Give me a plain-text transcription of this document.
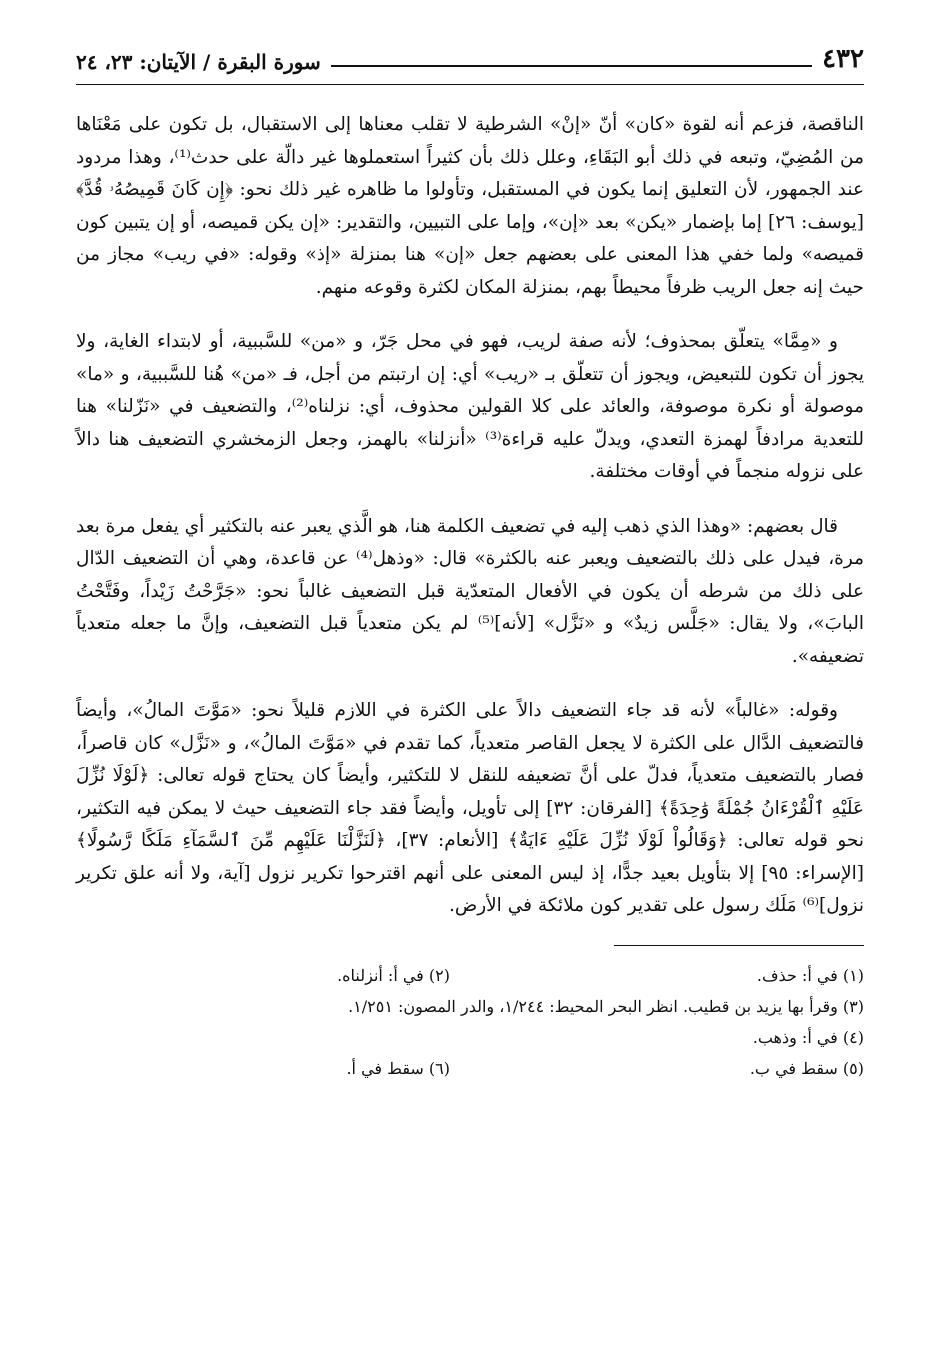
٤٣٢
سورة البقرة / الآيتان: ٢٣، ٢٤

الناقصة، فزعم أنه لقوة «كان» أنّ «إنْ» الشرطية لا تقلب معناها إلى الاستقبال، بل تكون على مَعْنَاها من المُضِيّ، وتبعه في ذلك أبو البَقَاءِ، وعلل ذلك بأن كثيراً استعملوها غير دالّة على حدث⁽¹⁾، وهذا مردود عند الجمهور، لأن التعليق إنما يكون في المستقبل، وتأولوا ما ظاهره غير ذلك نحو: ﴿إِن كَانَ قَمِيصُهُۥ قُدَّ﴾ [يوسف: ٢٦] إما بإضمار «يكن» بعد «إن»، وإما على التبيين، والتقدير: «إن يكن قميصه، أو إن يتبين كون قميصه» ولما خفي هذا المعنى على بعضهم جعل «إن» هنا بمنزلة «إذ» وقوله: «في ريب» مجاز من حيث إنه جعل الريب ظرفاً محيطاً بهم، بمنزلة المكان لكثرة وقوعه منهم.

و «مِمَّا» يتعلّق بمحذوف؛ لأنه صفة لريب، فهو في محل جَرّ، و «من» للسَّببية، أو لابتداء الغاية، ولا يجوز أن تكون للتبعيض، ويجوز أن تتعلّق بـ «ريب» أي: إن ارتبتم من أجل، فـ «من» هُنا للسَّببية، و «ما» موصولة أو نكرة موصوفة، والعائد على كلا القولين محذوف، أي: نزلناه⁽²⁾، والتضعيف في «نَزّلنا» هنا للتعدية مرادفاً لهمزة التعدي، ويدلّ عليه قراءة⁽³⁾ «أنزلنا» بالهمز، وجعل الزمخشري التضعيف هنا دالاً على نزوله منجماً في أوقات مختلفة.

قال بعضهم: «وهذا الذي ذهب إليه في تضعيف الكلمة هنا، هو الَّذي يعبر عنه بالتكثير أي يفعل مرة بعد مرة، فيدل على ذلك بالتضعيف ويعبر عنه بالكثرة» قال: «وذهل⁽⁴⁾ عن قاعدة، وهي أن التضعيف الدّال على ذلك من شرطه أن يكون في الأفعال المتعدّية قبل التضعيف غالباً نحو: «جَرَّحْتُ زَيْداً، وفَتَّحْتُ البابَ»، ولا يقال: «جَلَّس زيدٌ» و «نَزَّل» [لأنه]⁽⁵⁾ لم يكن متعدياً قبل التضعيف، وإنَّ ما جعله متعدياً تضعيفه».

وقوله: «غالباً» لأنه قد جاء التضعيف دالاً على الكثرة في اللازم قليلاً نحو: «مَوَّتَ المالُ»، وأيضاً فالتضعيف الدَّال على الكثرة لا يجعل القاصر متعدياً، كما تقدم في «مَوَّتَ المالُ»، و «نَزَّل» كان قاصراً، فصار بالتضعيف متعدياً، فدلّ على أنَّ تضعيفه للنقل لا للتكثير، وأيضاً كان يحتاج قوله تعالى: ﴿لَوْلَا نُزِّلَ عَلَيْهِ ٱلْقُرْءَانُ جُمْلَةً وَٰحِدَةً﴾ [الفرقان: ٣٢] إلى تأويل، وأيضاً فقد جاء التضعيف حيث لا يمكن فيه التكثير، نحو قوله تعالى: ﴿وَقَالُواْ لَوْلَا نُزِّلَ عَلَيْهِ ءَايَةٌ﴾ [الأنعام: ٣٧]، ﴿لَنَزَّلْنَا عَلَيْهِم مِّنَ ٱلسَّمَآءِ مَلَكًا رَّسُولًا﴾ [الإسراء: ٩٥] إلا بتأويل بعيد جدًّا، إذ ليس المعنى على أنهم اقترحوا تكرير نزول [آية، ولا أنه علق تكرير نزول]⁽⁶⁾ مَلَك رسول على تقدير كون ملائكة في الأرض.

(١) في أ: حذف.
(٢) في أ: أنزلناه.
(٣) وقرأ بها يزيد بن قطيب. انظر البحر المحيط: ١/٢٤٤، والدر المصون: ١/٢٥١.
(٤) في أ: وذهب.
(٥) سقط في ب.
(٦) سقط في أ.
